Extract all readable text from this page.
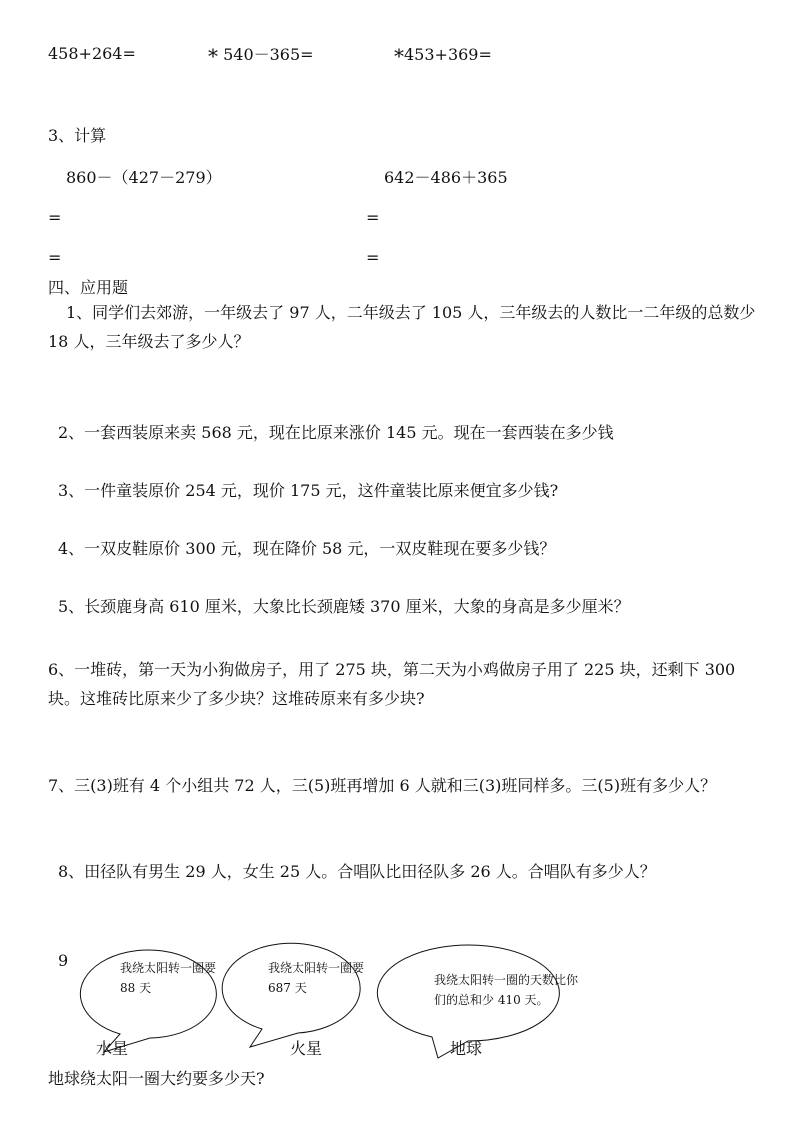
458+264=	* 540－365=	*453+369=
3、计算
860－（427－279）	642－486＋365
=	=
=	=
四、应用题
1、同学们去郊游，一年级去了 97 人，二年级去了 105 人，三年级去的人数比一二年级的总数少 18 人，三年级去了多少人？
2、一套西装原来卖 568 元，现在比原来涨价 145 元。现在一套西装在多少钱
3、一件童装原价 254 元，现价 175 元，这件童装比原来便宜多少钱?
4、一双皮鞋原价 300 元，现在降价 58 元，一双皮鞋现在要多少钱？
5、长颈鹿身高 610 厘米，大象比长颈鹿矮 370 厘米，大象的身高是多少厘米？
6、一堆砖，第一天为小狗做房子，用了 275 块，第二天为小鸡做房子用了 225 块，还剩下 300 块。这堆砖比原来少了多少块？这堆砖原来有多少块?
7、三(3)班有 4 个小组共 72 人，三(5)班再增加 6 人就和三(3)班同样多。三(5)班有多少人？
8、田径队有男生 29 人，女生 25 人。合唱队比田径队多 26 人。合唱队有多少人？
9	我绕太阳转一圈要 88 天
我绕太阳转一圈要 687 天
我绕太阳转一圈的天数比你们的总和少 410 天。
水星	火星	地球
地球绕太阳一圈大约要多少天?
